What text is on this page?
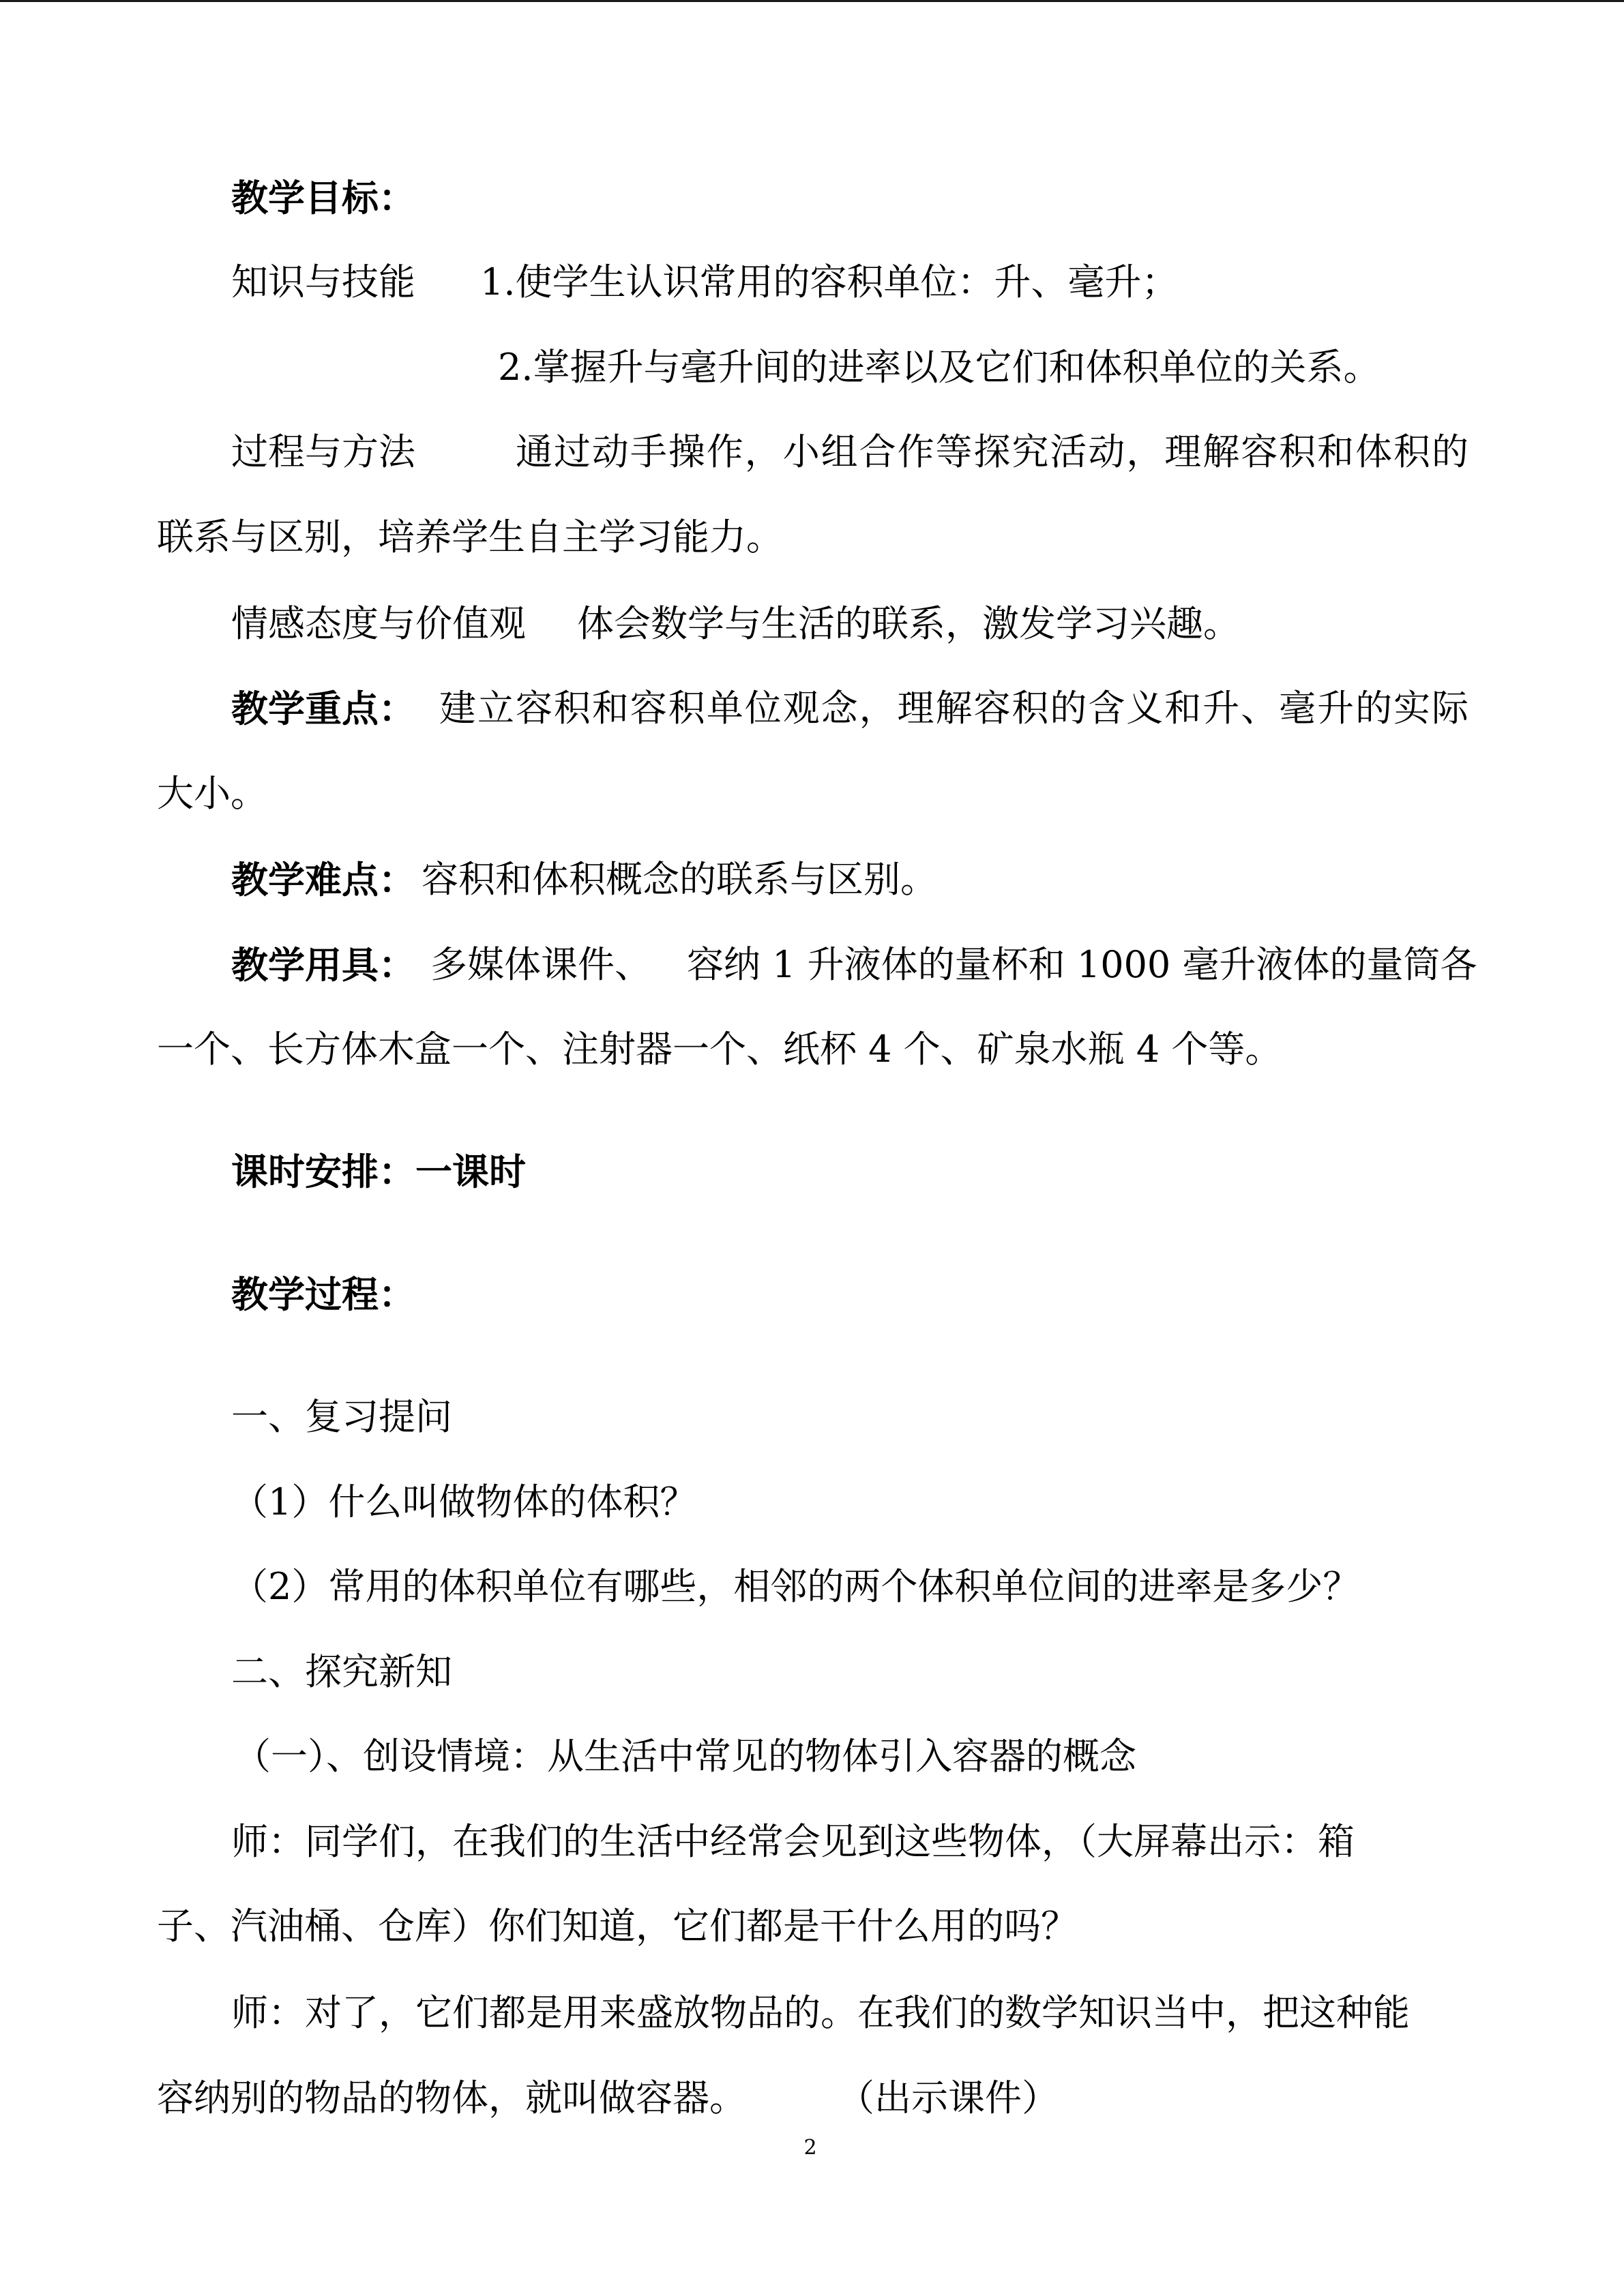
教学目标：
知识与技能 1.使学生认识常用的容积单位：升、毫升；
2.掌握升与毫升间的进率以及它们和体积单位的关系。
过程与方法	通过动手操作，小组合作等探究活动，理解容积和体积的
联系与区别，培养学生自主学习能力。
情感态度与价值观 体会数学与生活的联系，激发学习兴趣。
教学重点： 建立容积和容积单位观念，理解容积的含义和升、毫升的实际
大小。
教学难点： 容积和体积概念的联系与区别。
教学用具： 多媒体课件、 容纳 1 升液体的量杯和 1000 毫升液体的量筒各
一个、长方体木盒一个、注射器一个、纸杯 4 个、矿泉水瓶 4 个等。
课时安排：一课时
教学过程：
一、复习提问
（1）什么叫做物体的体积？
（2）常用的体积单位有哪些，相邻的两个体积单位间的进率是多少？
二、探究新知
（一）、创设情境：从生活中常见的物体引入容器的概念
师：同学们，在我们的生活中经常会见到这些物体，（大屏幕出示：箱
子、汽油桶、仓库）你们知道，它们都是干什么用的吗？
师：对了，它们都是用来盛放物品的。在我们的数学知识当中，把这种能
容纳别的物品的物体，就叫做容器。 （出示课件）
2
